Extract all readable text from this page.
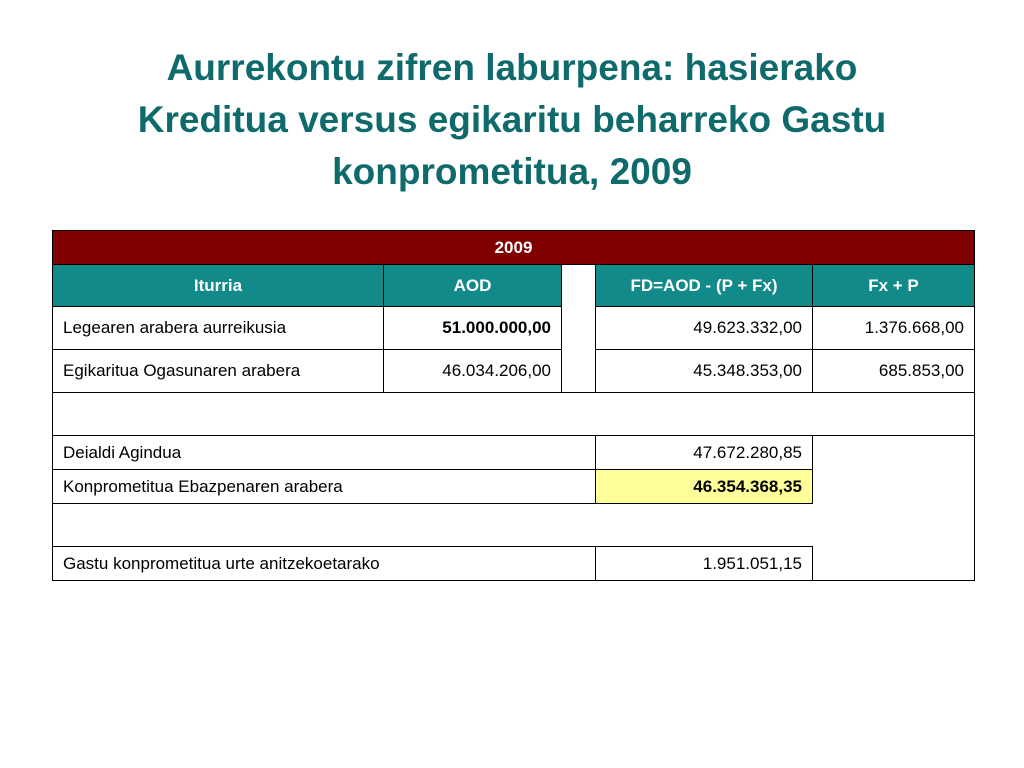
Aurrekontu zifren laburpena: hasierako
Kreditua versus egikaritu beharreko Gastu
konprometitua, 2009
2009				
Iturria	AOD		FD=AOD - (P + Fx)	Fx + P
Legearen arabera aurreikusia	51.000.000,00		49.623.332,00	1.376.668,00
Egikaritua Ogasunaren arabera	46.034.206,00		45.348.353,00	685.853,00

Deialdi Agindua			47.672.280,85	
Konprometitua Ebazpenaren arabera			46.354.368,35	

Gastu konprometitua urte anitzekoetarako			1.951.051,15	
